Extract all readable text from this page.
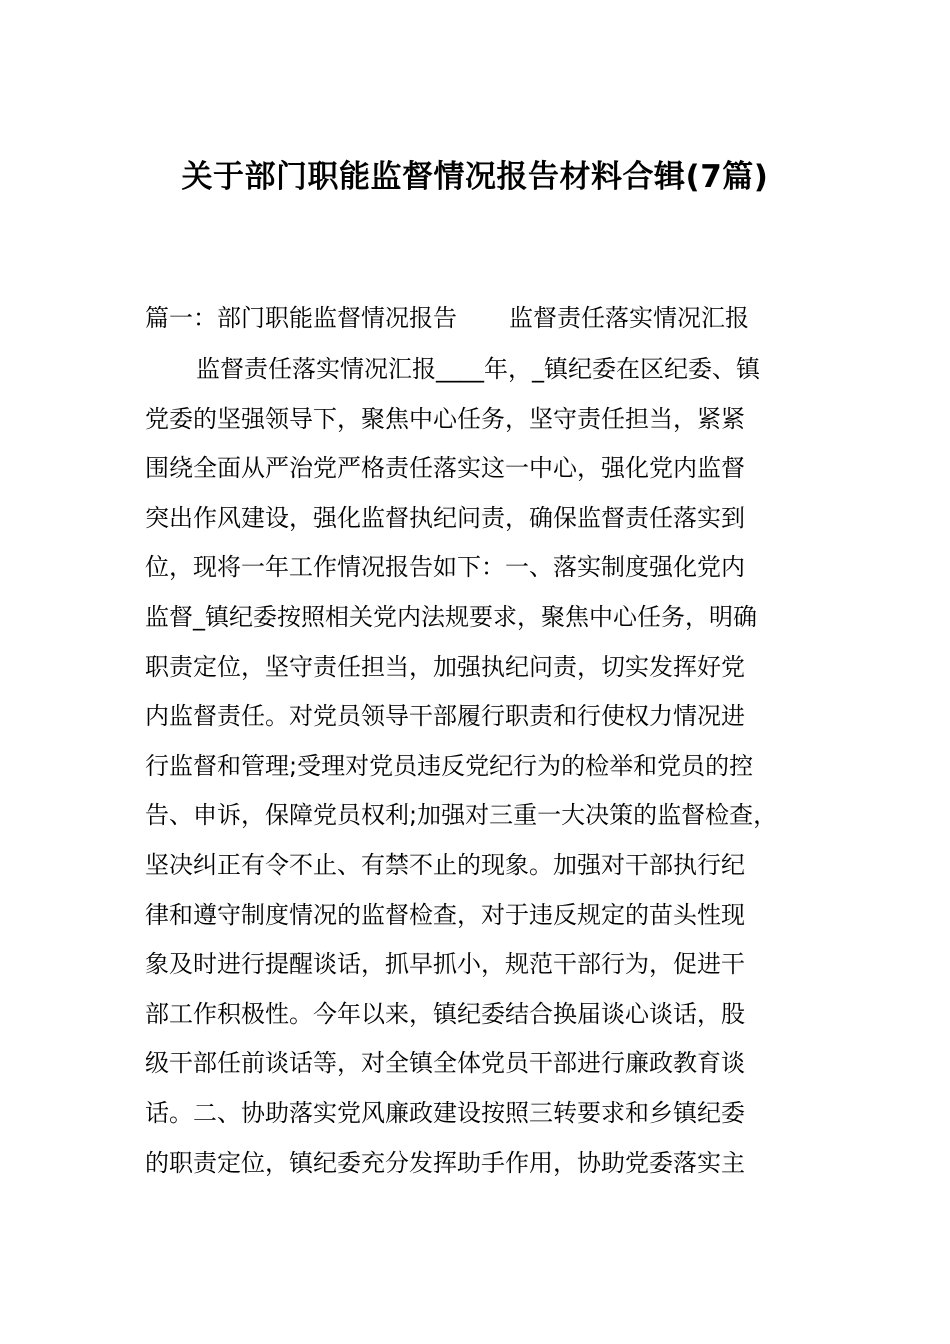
关于部门职能监督情况报告材料合辑(7篇)
篇一：部门职能监督情况报告 监督责任落实情况汇报
监督责任落实情况汇报____年，_镇纪委在区纪委、镇
党委的坚强领导下，聚焦中心任务，坚守责任担当，紧紧
围绕全面从严治党严格责任落实这一中心，强化党内监督
突出作风建设，强化监督执纪问责，确保监督责任落实到
位，现将一年工作情况报告如下：一、落实制度强化党内
监督_镇纪委按照相关党内法规要求，聚焦中心任务，明确
职责定位，坚守责任担当，加强执纪问责，切实发挥好党
内监督责任。对党员领导干部履行职责和行使权力情况进
行监督和管理;受理对党员违反党纪行为的检举和党员的控
告、申诉，保障党员权利;加强对三重一大决策的监督检查，
坚决纠正有令不止、有禁不止的现象。加强对干部执行纪
律和遵守制度情况的监督检查，对于违反规定的苗头性现
象及时进行提醒谈话，抓早抓小，规范干部行为，促进干
部工作积极性。今年以来，镇纪委结合换届谈心谈话，股
级干部任前谈话等，对全镇全体党员干部进行廉政教育谈
话。二、协助落实党风廉政建设按照三转要求和乡镇纪委
的职责定位，镇纪委充分发挥助手作用，协助党委落实主
